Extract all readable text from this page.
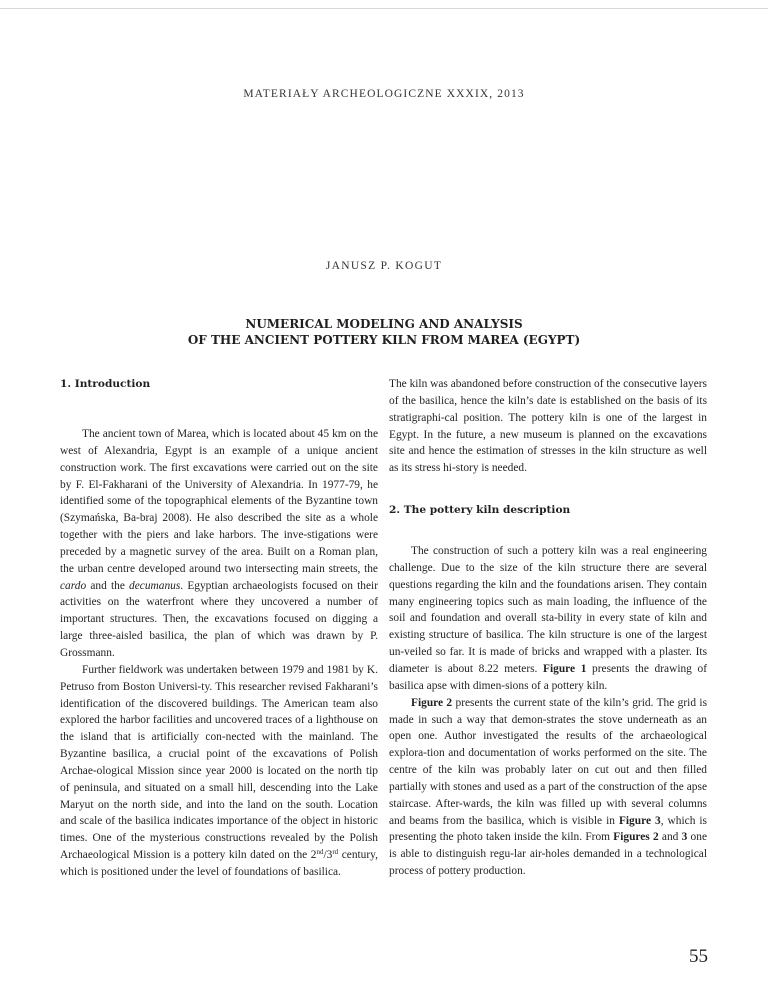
MATERIAŁY ARCHEOLOGICZNE XXXIX, 2013
JANUSZ P. KOGUT
NUMERICAL MODELING AND ANALYSIS
OF THE ANCIENT POTTERY KILN FROM MAREA (EGYPT)

1. Introduction

The ancient town of Marea, which is located about 45 km on the west of Alexandria, Egypt is an example of a unique ancient construction work. The first excavations were carried out on the site by F. El-Fakharani of the University of Alexandria. In 1977-79, he identified some of the topographical elements of the Byzantine town (Szymańska, Ba-braj 2008). He also described the site as a whole together with the piers and lake harbors. The inve-stigations were preceded by a magnetic survey of the area. Built on a Roman plan, the urban centre developed around two intersecting main streets, the cardo and the decumanus. Egyptian archaeologists focused on their activities on the waterfront where they uncovered a number of important structures. Then, the excavations focused on digging a large three-aisled basilica, the plan of which was drawn by P. Grossmann.

Further fieldwork was undertaken between 1979 and 1981 by K. Petruso from Boston Universi-ty. This researcher revised Fakharani’s identification of the discovered buildings. The American team also explored the harbor facilities and uncovered traces of a lighthouse on the island that is artificially con-nected with the mainland. The Byzantine basilica, a crucial point of the excavations of Polish Archae-ological Mission since year 2000 is located on the north tip of peninsula, and situated on a small hill, descending into the Lake Maryut on the north side, and into the land on the south. Location and scale of the basilica indicates importance of the object in historic times. One of the mysterious constructions revealed by the Polish Archaeological Mission is a pottery kiln dated on the 2nd/3rd century, which is positioned under the level of foundations of basilica.

The kiln was abandoned before construction of the consecutive layers of the basilica, hence the kiln’s date is established on the basis of its stratigraphi-cal position. The pottery kiln is one of the largest in Egypt. In the future, a new museum is planned on the excavations site and hence the estimation of stresses in the kiln structure as well as its stress hi-story is needed.

2. The pottery kiln description

The construction of such a pottery kiln was a real engineering challenge. Due to the size of the kiln structure there are several questions regarding the kiln and the foundations arisen. They contain many engineering topics such as main loading, the influence of the soil and foundation and overall sta-bility in every state of kiln and existing structure of basilica. The kiln structure is one of the largest un-veiled so far. It is made of bricks and wrapped with a plaster. Its diameter is about 8.22 meters. Figure 1 presents the drawing of basilica apse with dimen-sions of a pottery kiln.

Figure 2 presents the current state of the kiln’s grid. The grid is made in such a way that demon-strates the stove underneath as an open one. Author investigated the results of the archaeological explora-tion and documentation of works performed on the site. The centre of the kiln was probably later on cut out and then filled partially with stones and used as a part of the construction of the apse staircase. After-wards, the kiln was filled up with several columns and beams from the basilica, which is visible in Figure 3, which is presenting the photo taken inside the kiln. From Figures 2 and 3 one is able to distinguish regu-lar air-holes demanded in a technological process of pottery production.

55
